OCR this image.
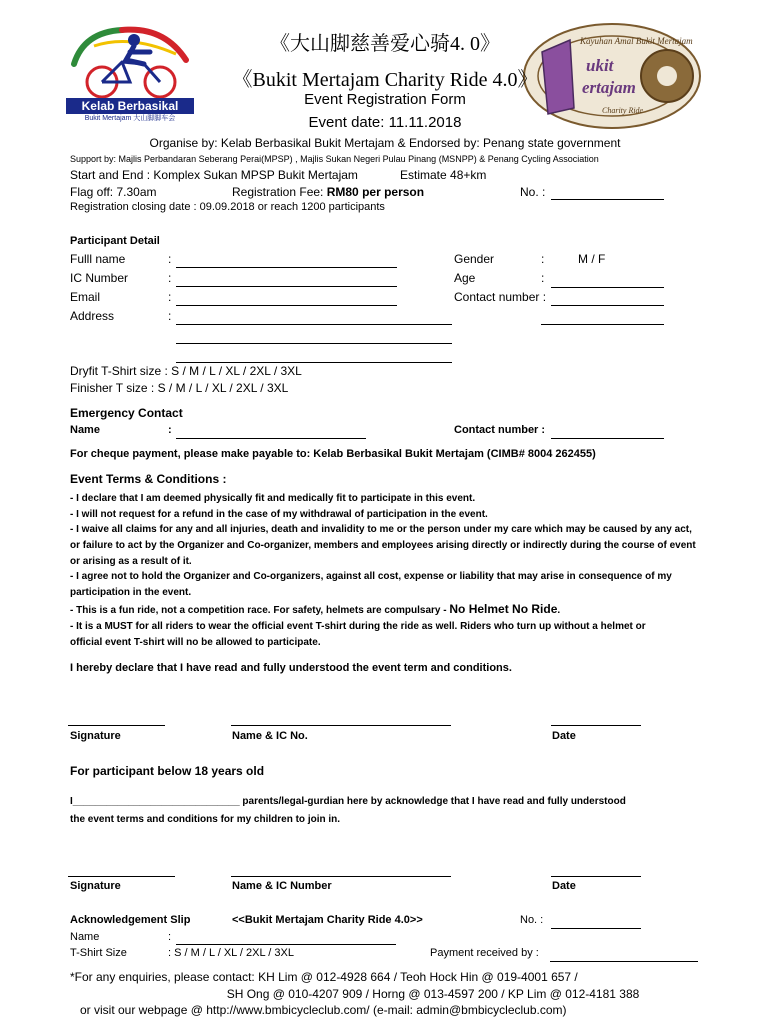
Kelab Berbasikal
Bukit Mertajam 大山脚脚车会
Kayuhan Amal Bukit Mertajam
ukit
ertajam
Charity Ride
《大山脚慈善爱心骑4. 0》
《Bukit Mertajam Charity Ride 4.0》
Event Registration Form
Event date: 11.11.2018
Organise by: Kelab Berbasikal Bukit Mertajam & Endorsed by: Penang state government
Support by: Majlis Perbandaran Seberang Perai(MPSP) , Majlis Sukan Negeri Pulau Pinang (MSNPP) & Penang Cycling Association
Start and End : Komplex Sukan MPSP Bukit Mertajam	Estimate 48+km
Flag off: 7.30am	Registration Fee: RM80 per person	No. :
Registration closing date : 09.09.2018 or reach 1200 participants
Participant Detail
Fulll name	:
IC Number	:
Email	:
Address	:
Gender	:	M / F
Age	:
Contact number :
Dryfit T-Shirt size : S / M / L / XL / 2XL / 3XL
Finisher T size : S / M / L / XL / 2XL / 3XL
Emergency Contact
Name	:	Contact number :
For cheque payment, please make payable to: Kelab Berbasikal Bukit Mertajam (CIMB# 8004 262455)
Event Terms & Conditions :
- I declare that I am deemed physically fit and medically fit to participate in this event.
- I will not request for a refund in the case of my withdrawal of participation in the event.
- I waive all claims for any and all injuries, death and invalidity to me or the person under my care which may be caused by any act, or failure to act by the Organizer and Co-organizer, members and employees arising directly or indirectly during the course of event or arising as a result of it.
- I agree not to hold the Organizer and Co-organizers, against all cost, expense or liability that may arise in consequence of my participation in the event.
- This is a fun ride, not a competition race. For safety, helmets are compulsary - No Helmet No Ride.
- It is a MUST for all riders to wear the official event T-shirt during the ride as well. Riders who turn up without a helmet or official event T-shirt will no be allowed to participate.
I hereby declare that I have read and fully understood the event term and conditions.
Signature	Name & IC No.	Date
For participant below 18 years old
I______________________________ parents/legal-gurdian here by acknowledge that I have read and fully understood
the event terms and conditions for my children to join in.
Signature	Name & IC Number	Date
Acknowledgement Slip	<<Bukit Mertajam Charity Ride 4.0>>	No. :
Name	:
T-Shirt Size	: S / M / L / XL / 2XL / 3XL	Payment received by :
*For any enquiries, please contact: KH Lim @ 012-4928 664 / Teoh Hock Hin @ 019-4001 657 /
SH Ong @ 010-4207 909 / Horng @ 013-4597 200 / KP Lim @ 012-4181 388
or visit our webpage @ http://www.bmbicycleclub.com/ (e-mail: admin@bmbicycleclub.com)
